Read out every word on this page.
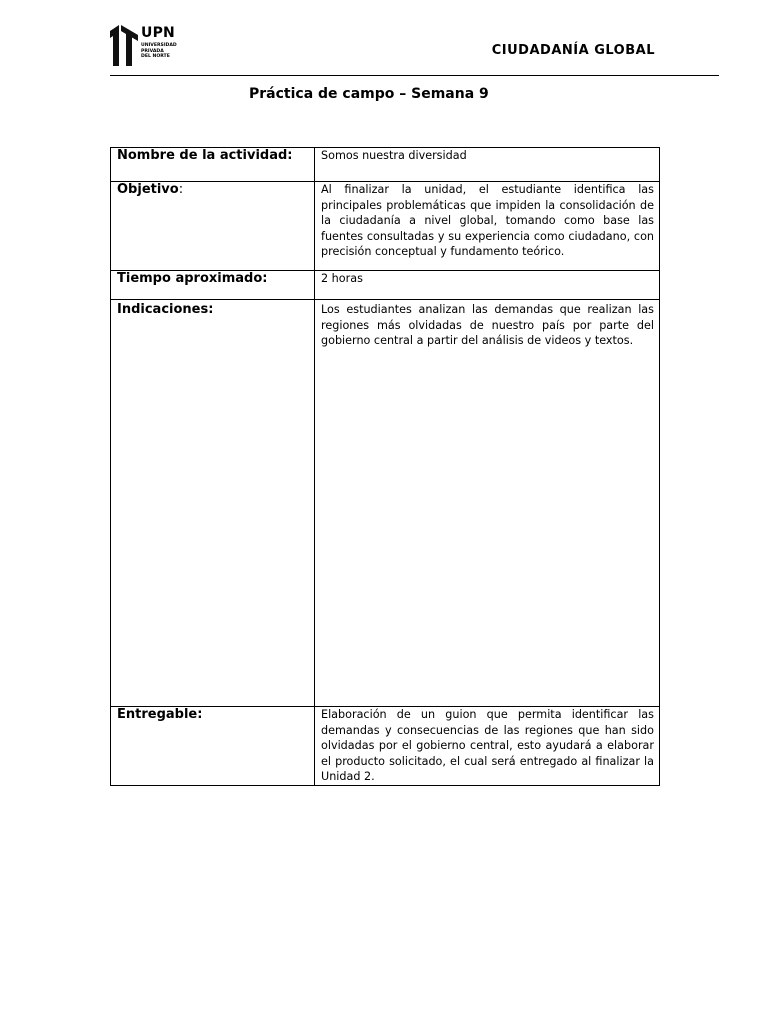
UPN
UNIVERSIDAD
PRIVADA
DEL NORTE	CIUDADANÍA GLOBAL
Práctica de campo – Semana 9
Nombre de la actividad:	Somos nuestra diversidad
Objetivo:	Al finalizar la unidad, el estudiante identifica las principales problemáticas que impiden la consolidación de la ciudadanía a nivel global, tomando como base las fuentes consultadas y su experiencia como ciudadano, con precisión conceptual y fundamento teórico.
Tiempo aproximado:	2 horas
Indicaciones:	Los estudiantes analizan las demandas que realizan las regiones más olvidadas de nuestro país por parte del gobierno central a partir del análisis de videos y textos.
Entregable:	Elaboración de un guion que permita identificar las demandas y consecuencias de las regiones que han sido olvidadas por el gobierno central, esto ayudará a elaborar el producto solicitado, el cual será entregado al finalizar la Unidad 2.
